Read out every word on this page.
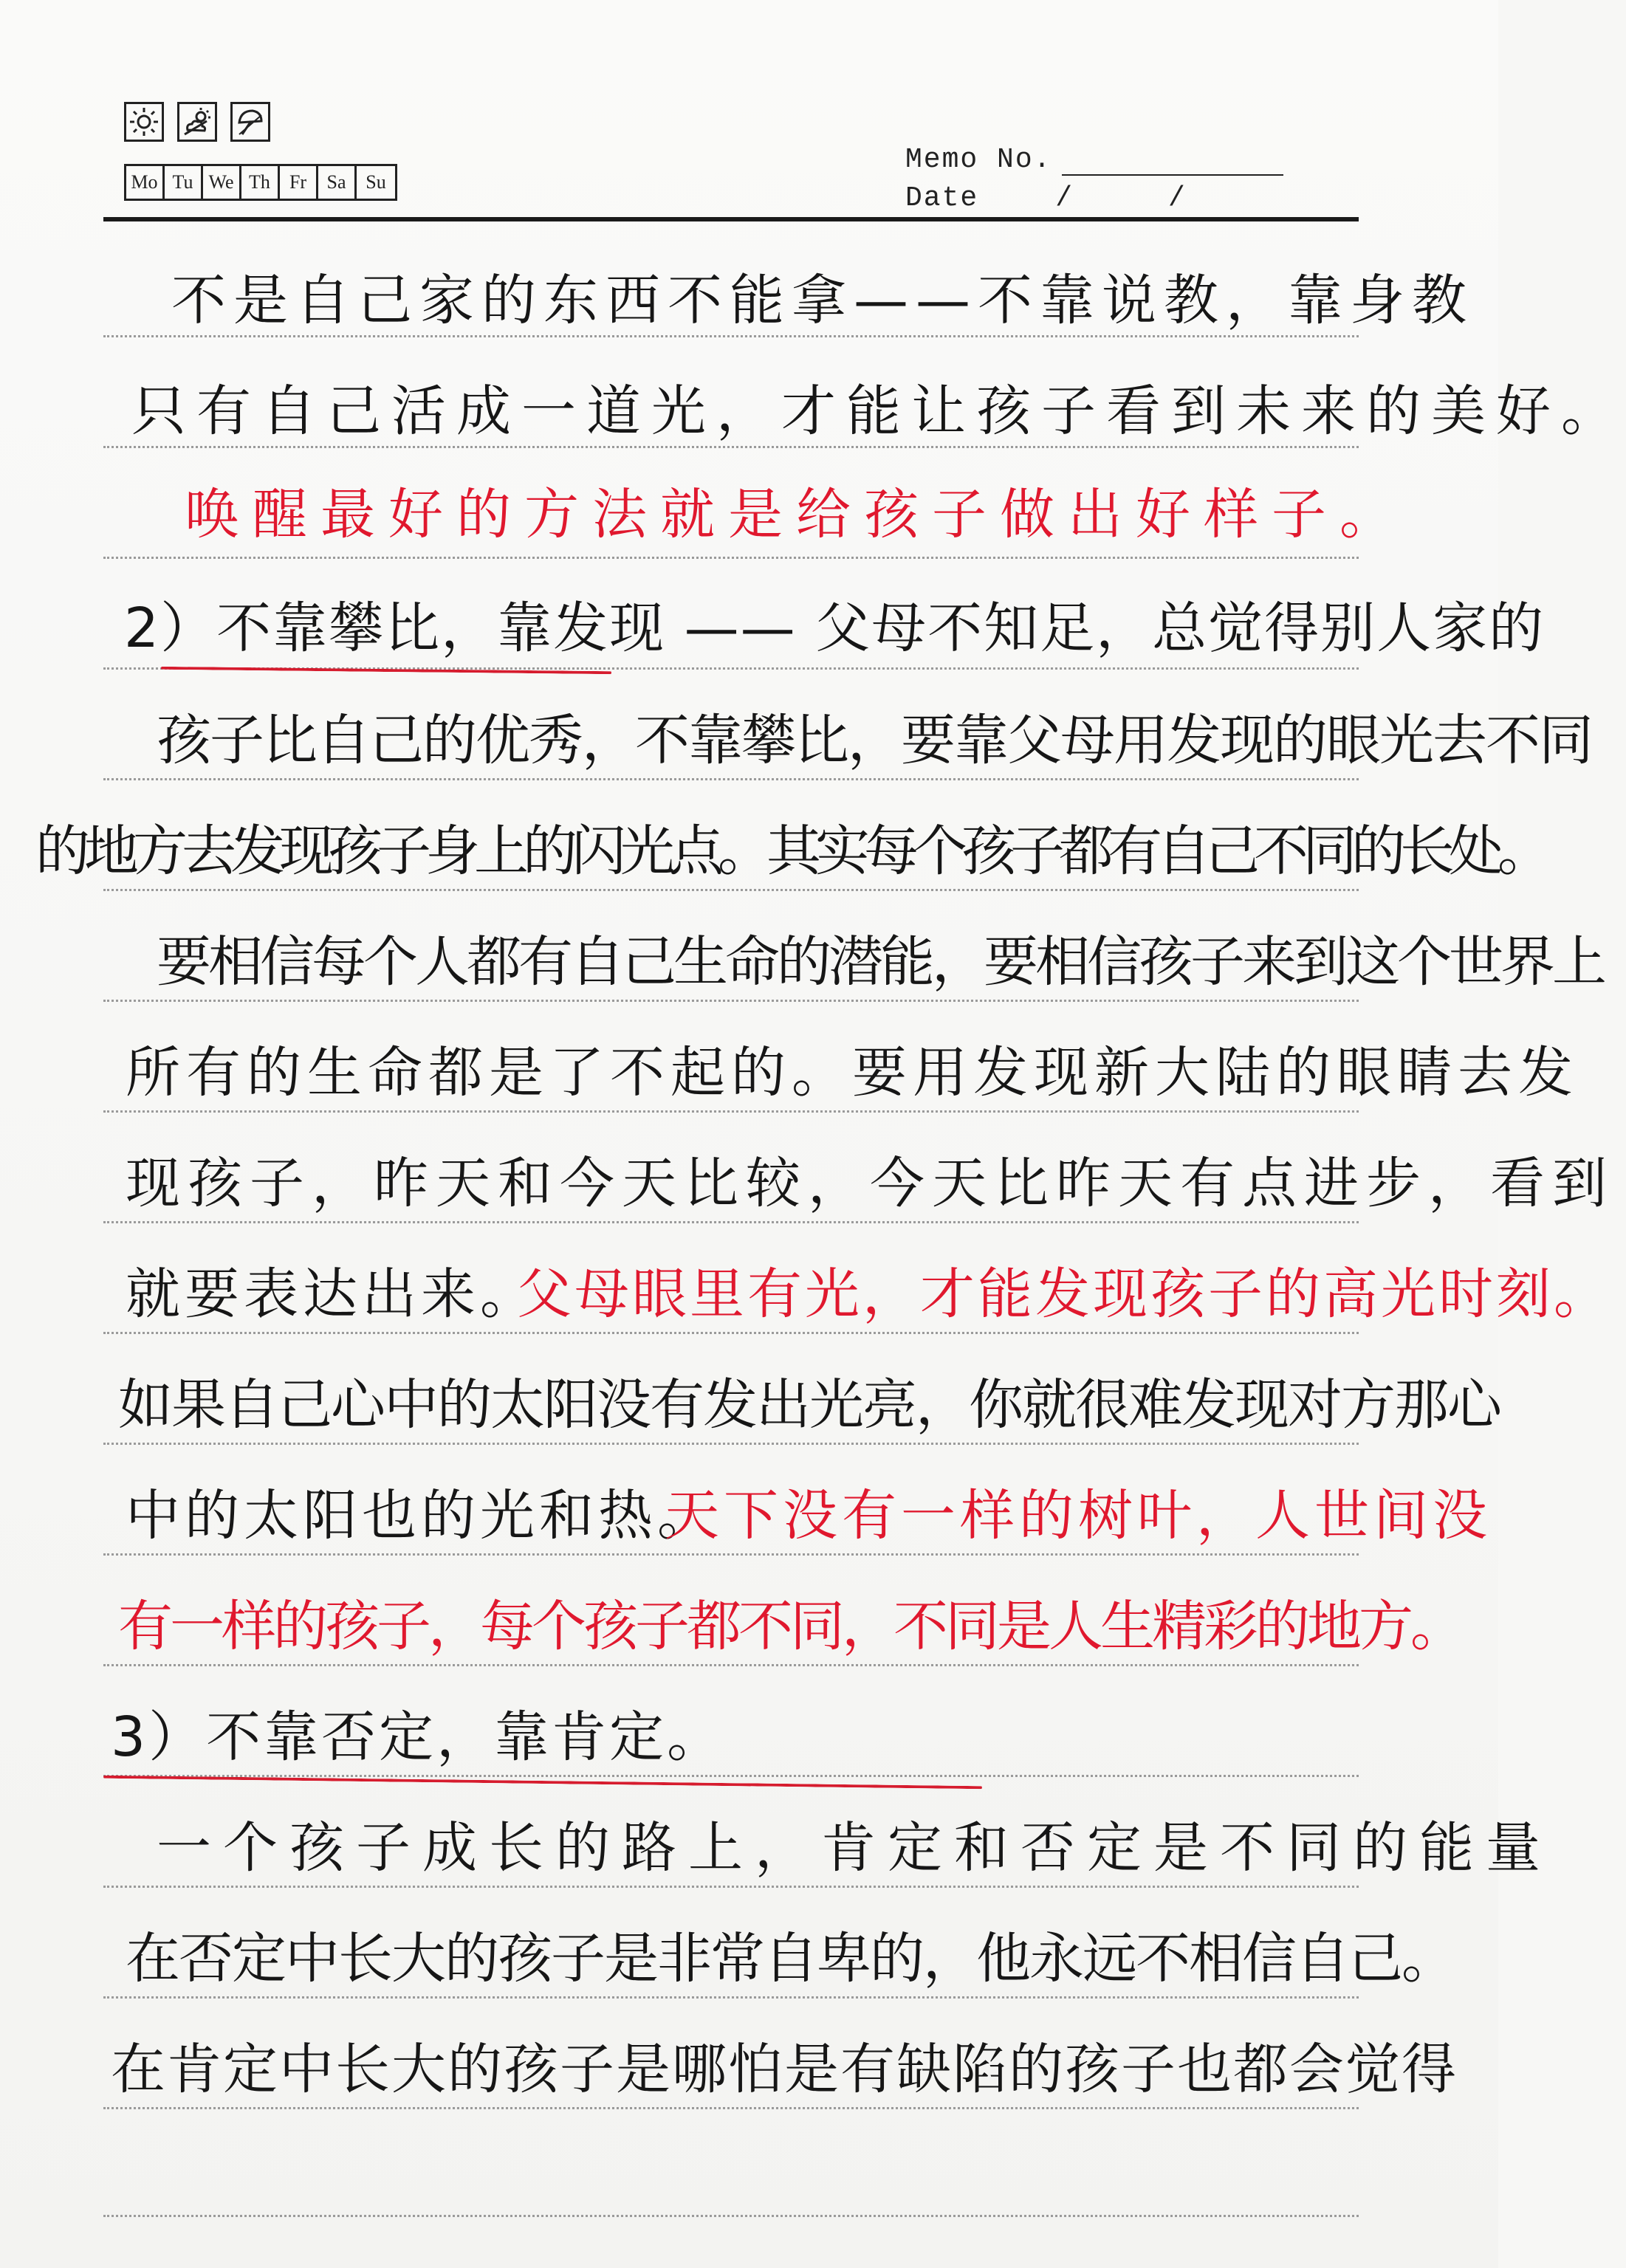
Mo Tu We Th	Fr	Sa	Su
Memo No.
Date	/	/
不是自己家的东西不能拿——不靠说教，靠身教
只有自己活成一道光，才能让孩子看到未来的美好。
唤醒最好的方法就是给孩子做出好样子。
2）不靠攀比，靠发现 —— 父母不知足，总觉得别人家的
孩子比自己的优秀，不靠攀比，要靠父母用发现的眼光去不同
的地方去发现孩子身上的闪光点。其实每个孩子都有自己不同的长处。
要相信每个人都有自己生命的潜能，要相信孩子来到这个世界上
所有的生命都是了不起的。要用发现新大陆的眼睛去发
现孩子，昨天和今天比较，今天比昨天有点进步，看到
就要表达出来。
父母眼里有光，才能发现孩子的高光时刻。
如果自己心中的太阳没有发出光亮，你就很难发现对方那心
中的太阳也的光和热。
天下没有一样的树叶，人世间没
有一样的孩子，每个孩子都不同，不同是人生精彩的地方。
3）不靠否定，靠肯定。
一个孩子成长的路上，肯定和否定是不同的能量
在否定中长大的孩子是非常自卑的，他永远不相信自己。
在肯定中长大的孩子是哪怕是有缺陷的孩子也都会觉得
